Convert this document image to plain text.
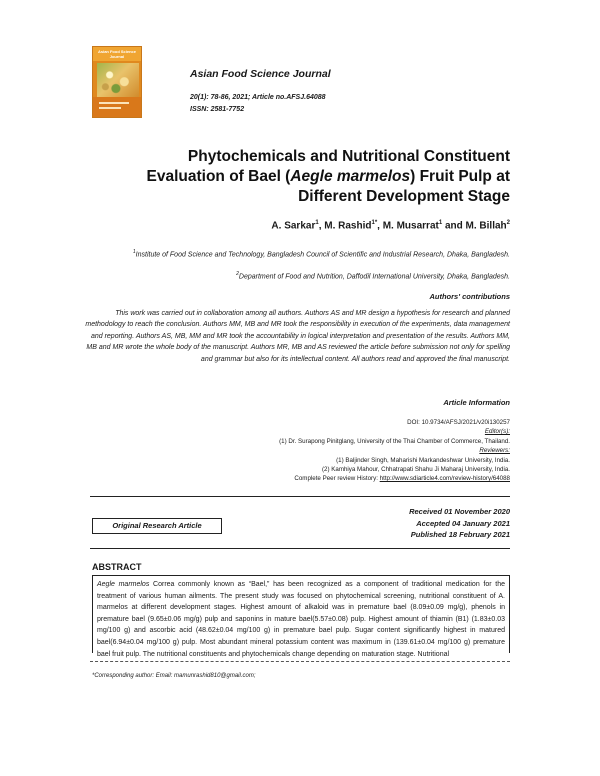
Asian Food Science Journal
Asian Food Science Journal
20(1): 78-86, 2021; Article no.AFSJ.64088
ISSN: 2581-7752
Phytochemicals and Nutritional Constituent
Evaluation of Bael (Aegle marmelos) Fruit Pulp at
Different Development Stage
A. Sarkar$^1$, M. Rashid$^{1*}$, M. Musarrat$^1$ and M. Billah$^2$
$^1$Institute of Food Science and Technology, Bangladesh Council of Scientific and Industrial Research, Dhaka, Bangladesh.
$^2$Department of Food and Nutrition, Daffodil International University, Dhaka, Bangladesh.
Authors' contributions
This work was carried out in collaboration among all authors. Authors AS and MR design a hypothesis for research and planned methodology to reach the conclusion. Authors MM, MB and MR took the responsibility in execution of the experiments, data management and reporting. Authors AS, MB, MM and MR took the accountability in logical interpretation and presentation of the results. Authors MM, MB and MR wrote the whole body of the manuscript. Authors MR, MB and AS reviewed the article before submission not only for spelling and grammar but also for its intellectual content. All authors read and approved the final manuscript.
Article Information
DOI: 10.9734/AFSJ/2021/v20i130257
Editor(s):
(1) Dr. Surapong Pinitglang, University of the Thai Chamber of Commerce, Thailand.
Reviewers:
(1) Baljinder Singh, Maharishi Markandeshwar University, India.
(2) Kamhiya Mahour, Chhatrapati Shahu Ji Maharaj University, India.
Complete Peer review History: http://www.sdiarticle4.com/review-history/64088
Original Research Article
Received 01 November 2020
Accepted 04 January 2021
Published 18 February 2021
ABSTRACT
Aegle marmelos Correa commonly known as “Bael,” has been recognized as a component of traditional medication for the treatment of various human ailments. The present study was focused on phytochemical screening, nutritional constituent of A. marmelos at different development stages. Highest amount of alkaloid was in premature bael (8.09±0.09 mg/g), phenols in premature bael (9.65±0.06 mg/g) pulp and saponins in mature bael(5.57±0.08) pulp. Highest amount of thiamin (B1) (1.83±0.03 mg/100 g) and ascorbic acid (48.62±0.04 mg/100 g) in premature bael pulp. Sugar content significantly highest in matured bael(6.94±0.04 mg/100 g) pulp. Most abundant mineral potassium content was maximum in (139.61±0.04 mg/100 g) premature bael fruit pulp. The nutritional constituents and phytochemicals change depending on maturation stage. Nutritional
*Corresponding author: Email: mamunrashid810@gmail.com;
